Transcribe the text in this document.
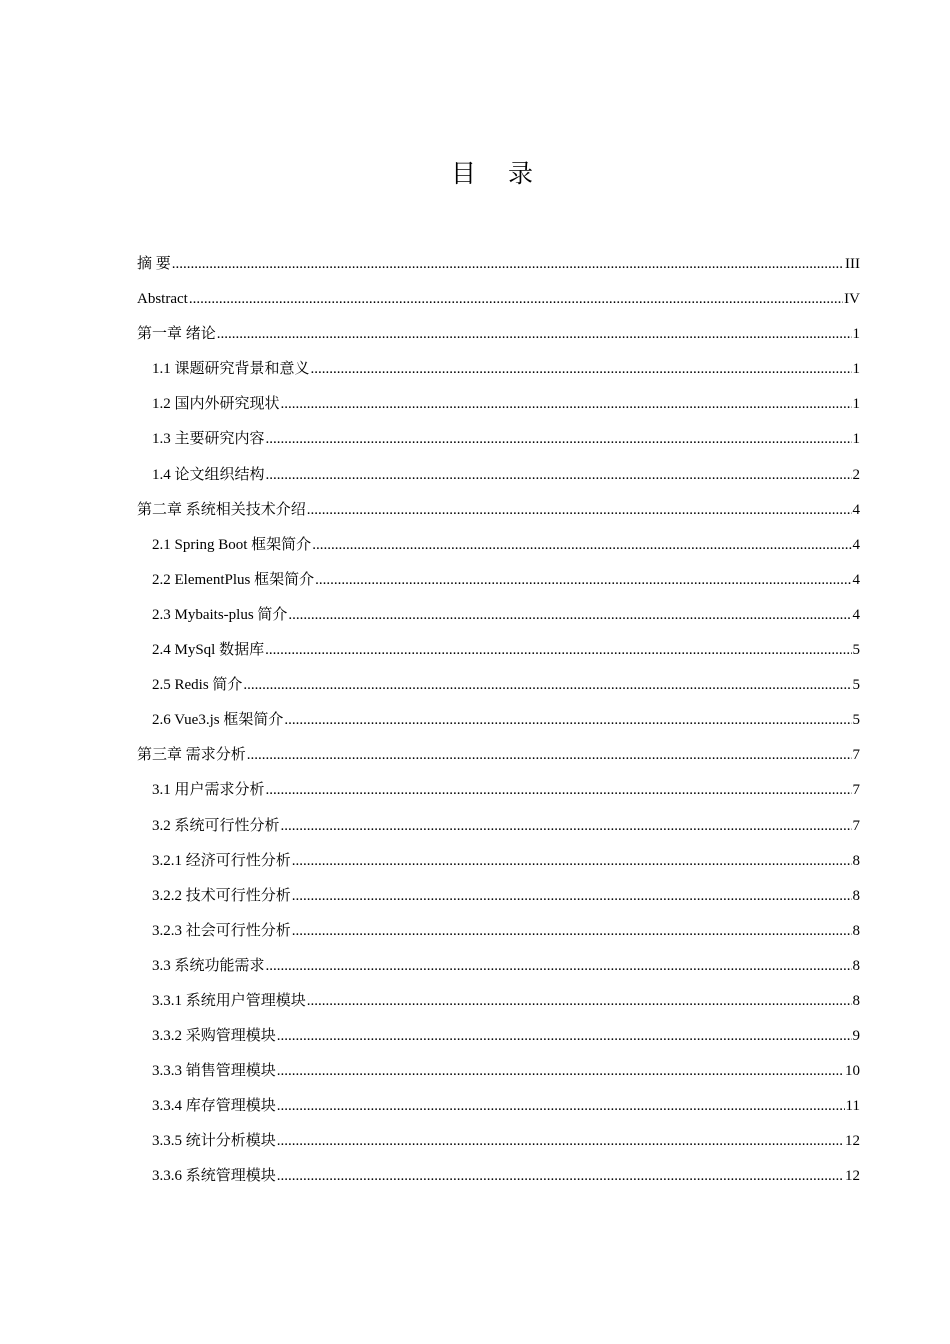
目 录
摘 要 .....	III
Abstract .....	IV
第一章 绪论 .....	1
1.1 课题研究背景和意义 .....	1
1.2 国内外研究现状 .....	1
1.3 主要研究内容 .....	1
1.4 论文组织结构 .....	2
第二章 系统相关技术介绍 .....	4
2.1 Spring Boot 框架简介 .....	4
2.2 ElementPlus 框架简介 .....	4
2.3 Mybaits-plus 简介 .....	4
2.4 MySql 数据库 .....	5
2.5 Redis 简介 .....	5
2.6 Vue3.js 框架简介 .....	5
第三章 需求分析 .....	7
3.1 用户需求分析 .....	7
3.2 系统可行性分析 .....	7
3.2.1 经济可行性分析 .....	8
3.2.2 技术可行性分析 .....	8
3.2.3 社会可行性分析 .....	8
3.3 系统功能需求 .....	8
3.3.1 系统用户管理模块 .....	8
3.3.2 采购管理模块 .....	9
3.3.3 销售管理模块 .....	10
3.3.4 库存管理模块 .....	11
3.3.5 统计分析模块 .....	12
3.3.6 系统管理模块 .....	12
